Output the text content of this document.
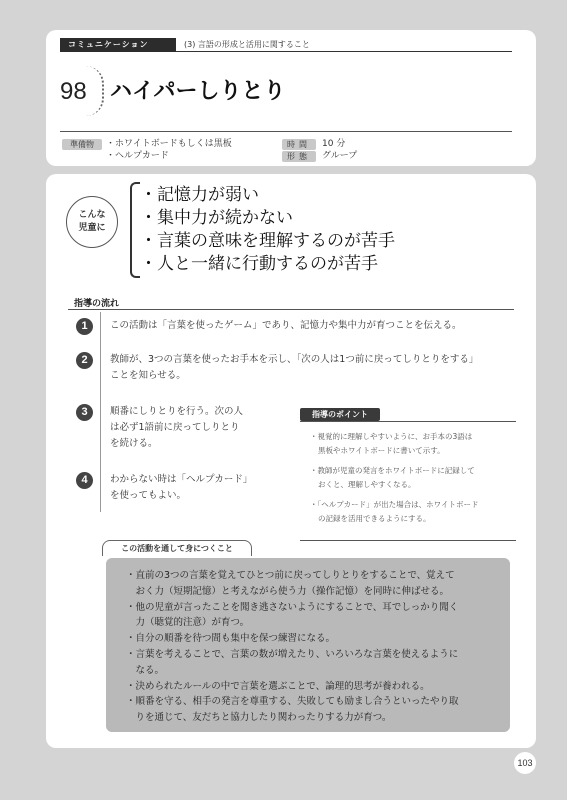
コミュニケーション	(3) 言語の形成と活用に関すること
98 ハイパーしりとり
準備物	・ホワイトボードもしくは黒板
・ヘルプカード
時間	10 分
形態	グループ
こんな
児童に
・記憶力が弱い
・集中力が続かない
・言葉の意味を理解するのが苦手
・人と一緒に行動するのが苦手
指導の流れ
1	この活動は「言葉を使ったゲーム」であり、記憶力や集中力が育つことを伝える。
2	教師が、3つの言葉を使ったお手本を示し、「次の人は1つ前に戻ってしりとりをする」
ことを知らせる。
3	順番にしりとりを行う。次の人
は必ず1語前に戻ってしりとり
を続ける。
4	わからない時は「ヘルプカード」
を使ってもよい。
指導のポイント
・視覚的に理解しやすいように、お手本の3語は
黒板やホワイトボードに書いて示す。
・教師が児童の発言をホワイトボードに記録して
おくと、理解しやすくなる。
・「ヘルプカード」が出た場合は、ホワイトボード
の記録を活用できるようにする。
この活動を通して身につくこと
・直前の3つの言葉を覚えてひとつ前に戻ってしりとりをすることで、覚えて
　おく力（短期記憶）と考えながら使う力（操作記憶）を同時に伸ばせる。
・他の児童が言ったことを聞き逃さないようにすることで、耳でしっかり聞く
　力（聴覚的注意）が育つ。
・自分の順番を待つ間も集中を保つ練習になる。
・言葉を考えることで、言葉の数が増えたり、いろいろな言葉を使えるように
　なる。
・決められたルールの中で言葉を選ぶことで、論理的思考が養われる。
・順番を守る、相手の発言を尊重する、失敗しても励まし合うといったやり取
　りを通じて、友だちと協力したり関わったりする力が育つ。
103
